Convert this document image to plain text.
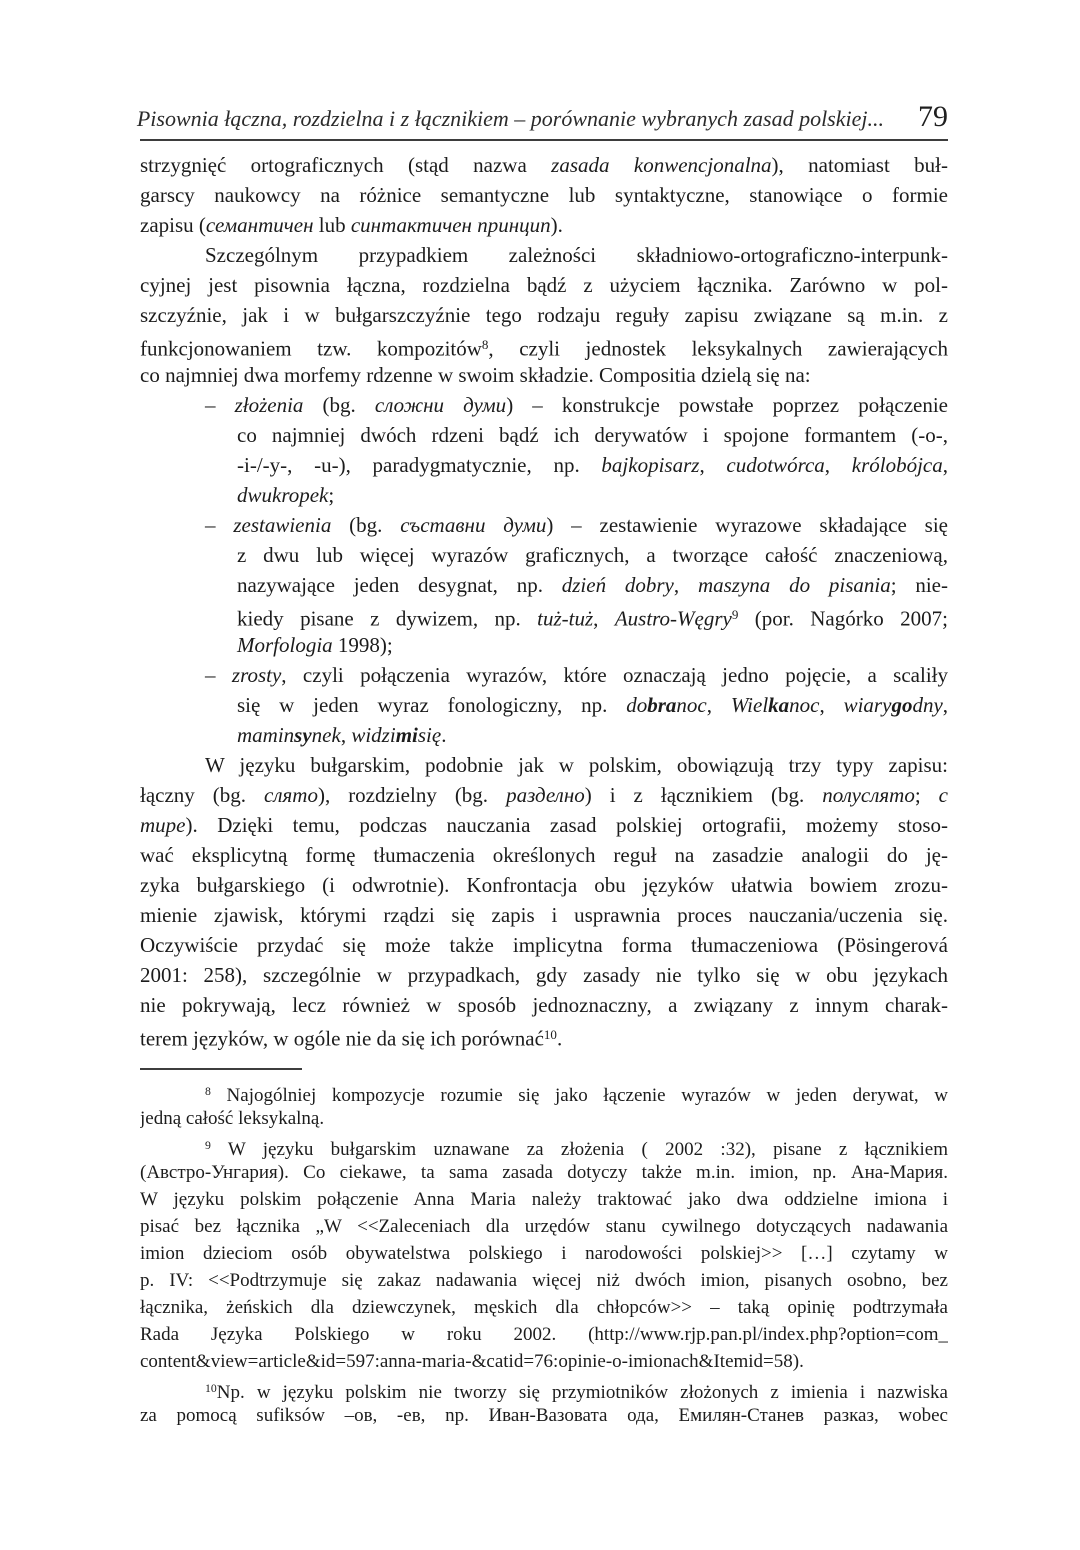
Pisownia łączna, rozdzielna i z łącznikiem – porównanie wybranych zasad polskiej... 79
strzygnięć ortograficznych (stąd nazwa zasada konwencjonalna), natomiast buł-
garscy naukowcy na różnice semantyczne lub syntaktyczne, stanowiące o formie
zapisu (семантичен lub синтактичен принцип).
Szczególnym przypadkiem zależności składniowo-ortograficzno-interpunk-
cyjnej jest pisownia łączna, rozdzielna bądź z użyciem łącznika. Zarówno w pol-
szczyźnie, jak i w bułgarszczyźnie tego rodzaju reguły zapisu związane są m.in. z
funkcjonowaniem tzw. kompozitów$^8$, czyli jednostek leksykalnych zawierających
co najmniej dwa morfemy rdzenne w swoim składzie. Compositia dzielą się na:
– złożenia (bg. сложни думи) – konstrukcje powstałe poprzez połączenie
co najmniej dwóch rdzeni bądź ich derywatów i spojone formantem (-o-,
-i-/-y-, -u-), paradygmatycznie, np. bajkopisarz, cudotwórca, królobójca,
dwukropek;
– zestawienia (bg. съставни думи) – zestawienie wyrazowe składające się
z dwu lub więcej wyrazów graficznych, a tworzące całość znaczeniową,
nazywające jeden desygnat, np. dzień dobry, maszyna do pisania; nie-
kiedy pisane z dywizem, np. tuż-tuż, Austro-Węgry$^9$ (por. Nagórko 2007;
Morfologia 1998);
– zrosty, czyli połączenia wyrazów, które oznaczają jedno pojęcie, a scaliły
się w jeden wyraz fonologiczny, np. dobranoc, Wielkanoc, wiarygodny,
maminsynek, widzimisię.
W języku bułgarskim, podobnie jak w polskim, obowiązują trzy typy zapisu:
łączny (bg. слято), rozdzielny (bg. разделно) i z łącznikiem (bg. полуслято; с
тире). Dzięki temu, podczas nauczania zasad polskiej ortografii, możemy stoso-
wać eksplicytną formę tłumaczenia określonych reguł na zasadzie analogii do ję-
zyka bułgarskiego (i odwrotnie). Konfrontacja obu języków ułatwia bowiem zrozu-
mienie zjawisk, którymi rządzi się zapis i usprawnia proces nauczania/uczenia się.
Oczywiście przydać się może także implicytna forma tłumaczeniowa (Pösingerová
2001: 258), szczególnie w przypadkach, gdy zasady nie tylko się w obu językach
nie pokrywają, lecz również w sposób jednoznaczny, a związany z innym charak-
terem języków, w ogóle nie da się ich porównać$^{10}$.
$^8$ Najogólniej kompozycje rozumie się jako łączenie wyrazów w jeden derywat, w
jedną całość leksykalną.
$^9$ W języku bułgarskim uznawane za złożenia ( 2002 :32), pisane z łącznikiem
(Австро-Унгария). Co ciekawe, ta sama zasada dotyczy także m.in. imion, np. Ана-Мария.
W języku polskim połączenie Anna Maria należy traktować jako dwa oddzielne imiona i
pisać bez łącznika „W <<Zaleceniach dla urzędów stanu cywilnego dotyczących nadawania
imion dzieciom osób obywatelstwa polskiego i narodowości polskiej>> […] czytamy w
p. IV: <<Podtrzymuje się zakaz nadawania więcej niż dwóch imion, pisanych osobno, bez
łącznika, żeńskich dla dziewczynek, męskich dla chłopców>> – taką opinię podtrzymała
Rada Języka Polskiego w roku 2002. (http://www.rjp.pan.pl/index.php?option=com_
content&view=article&id=597:anna-maria-&catid=76:opinie-o-imionach&Itemid=58).
$^{10}$Np. w języku polskim nie tworzy się przymiotników złożonych z imienia i nazwiska
za pomocą sufiksów –ов, -ев, np. Иван-Вазовата ода, Емилян-Станев разказ, wobec
